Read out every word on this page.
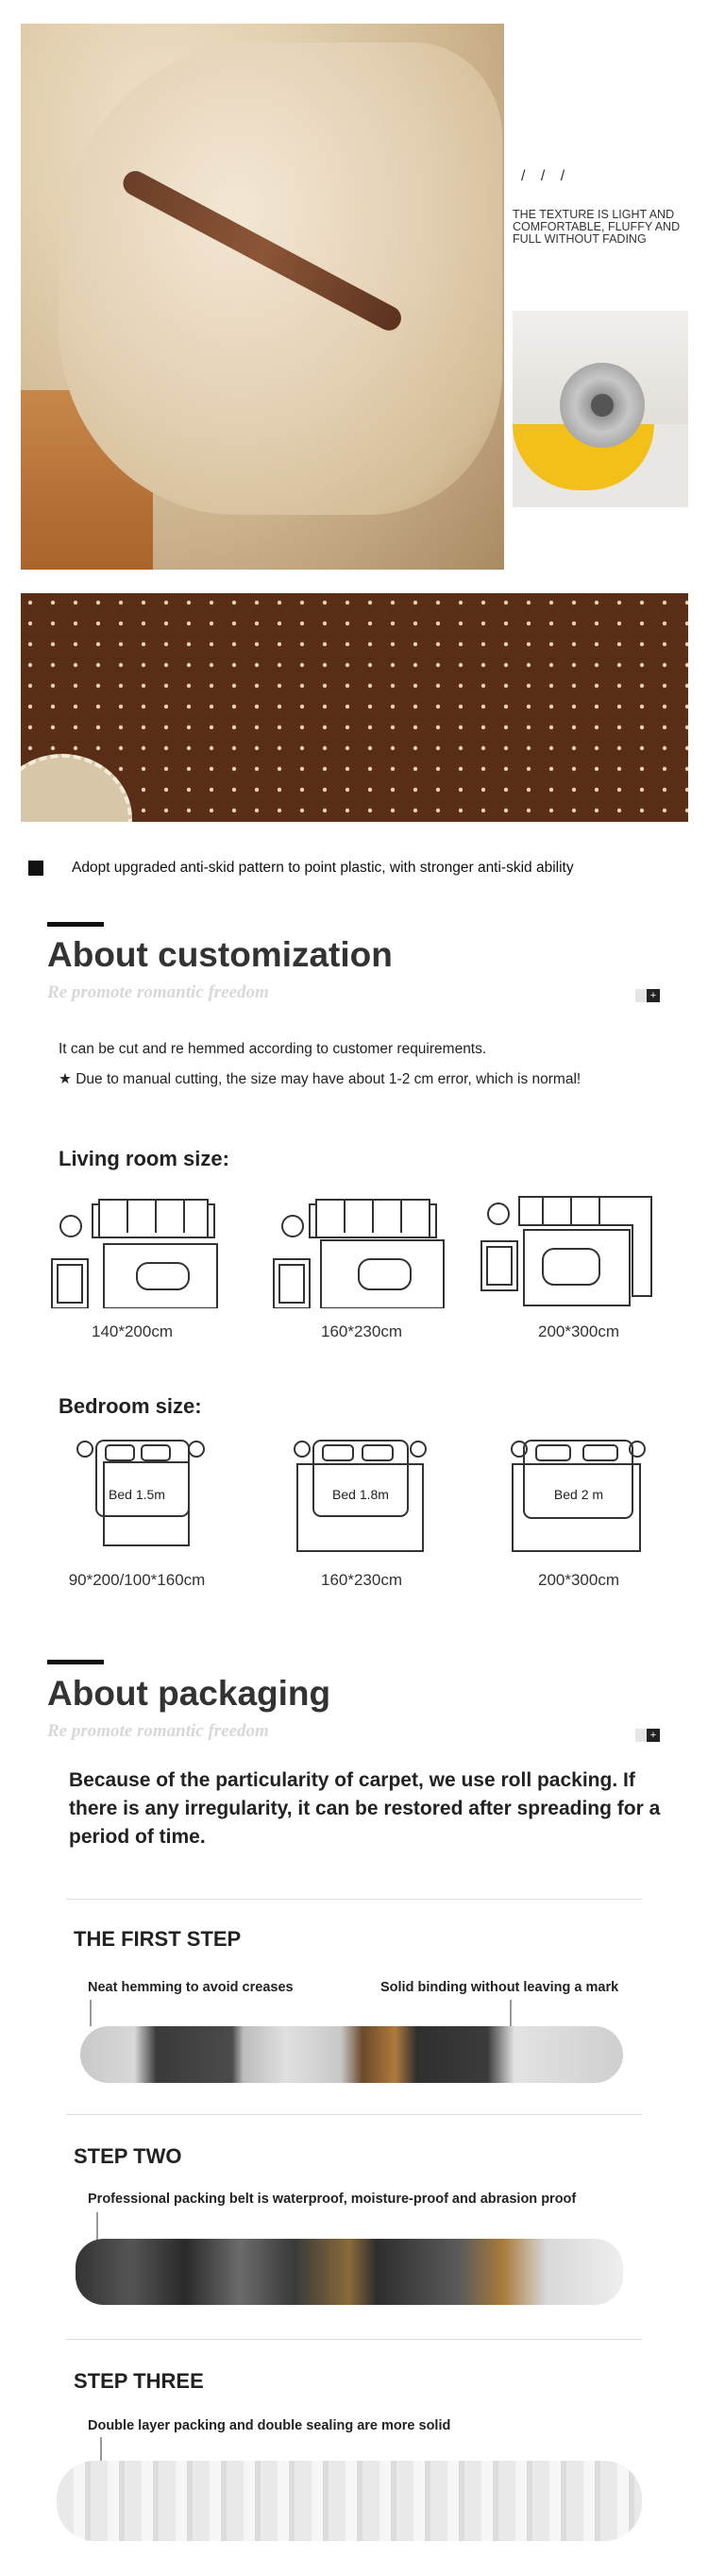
/ / /
THE TEXTURE IS LIGHT AND COMFORTABLE, FLUFFY AND FULL WITHOUT FADING
Adopt upgraded anti-skid pattern to point plastic, with stronger anti-skid ability
About customization
Re promote romantic freedom	+
It can be cut and re hemmed according to customer requirements.
★ Due to manual cutting, the size may have about 1-2 cm error, which is normal!
Living room size:
140*200cm	160*230cm	200*300cm
Bedroom size:
Bed 1.5m	Bed 1.8m	Bed 2 m
90*200/100*160cm	160*230cm	200*300cm
About packaging
Re promote romantic freedom	+
Because of the particularity of carpet, we use roll packing. If there is any irregularity, it can be restored after spreading for a period of time.
THE FIRST STEP
Neat hemming to avoid creases	Solid binding without leaving a mark
STEP TWO
Professional packing belt is waterproof, moisture-proof and abrasion proof
STEP THREE
Double layer packing and double sealing are more solid
